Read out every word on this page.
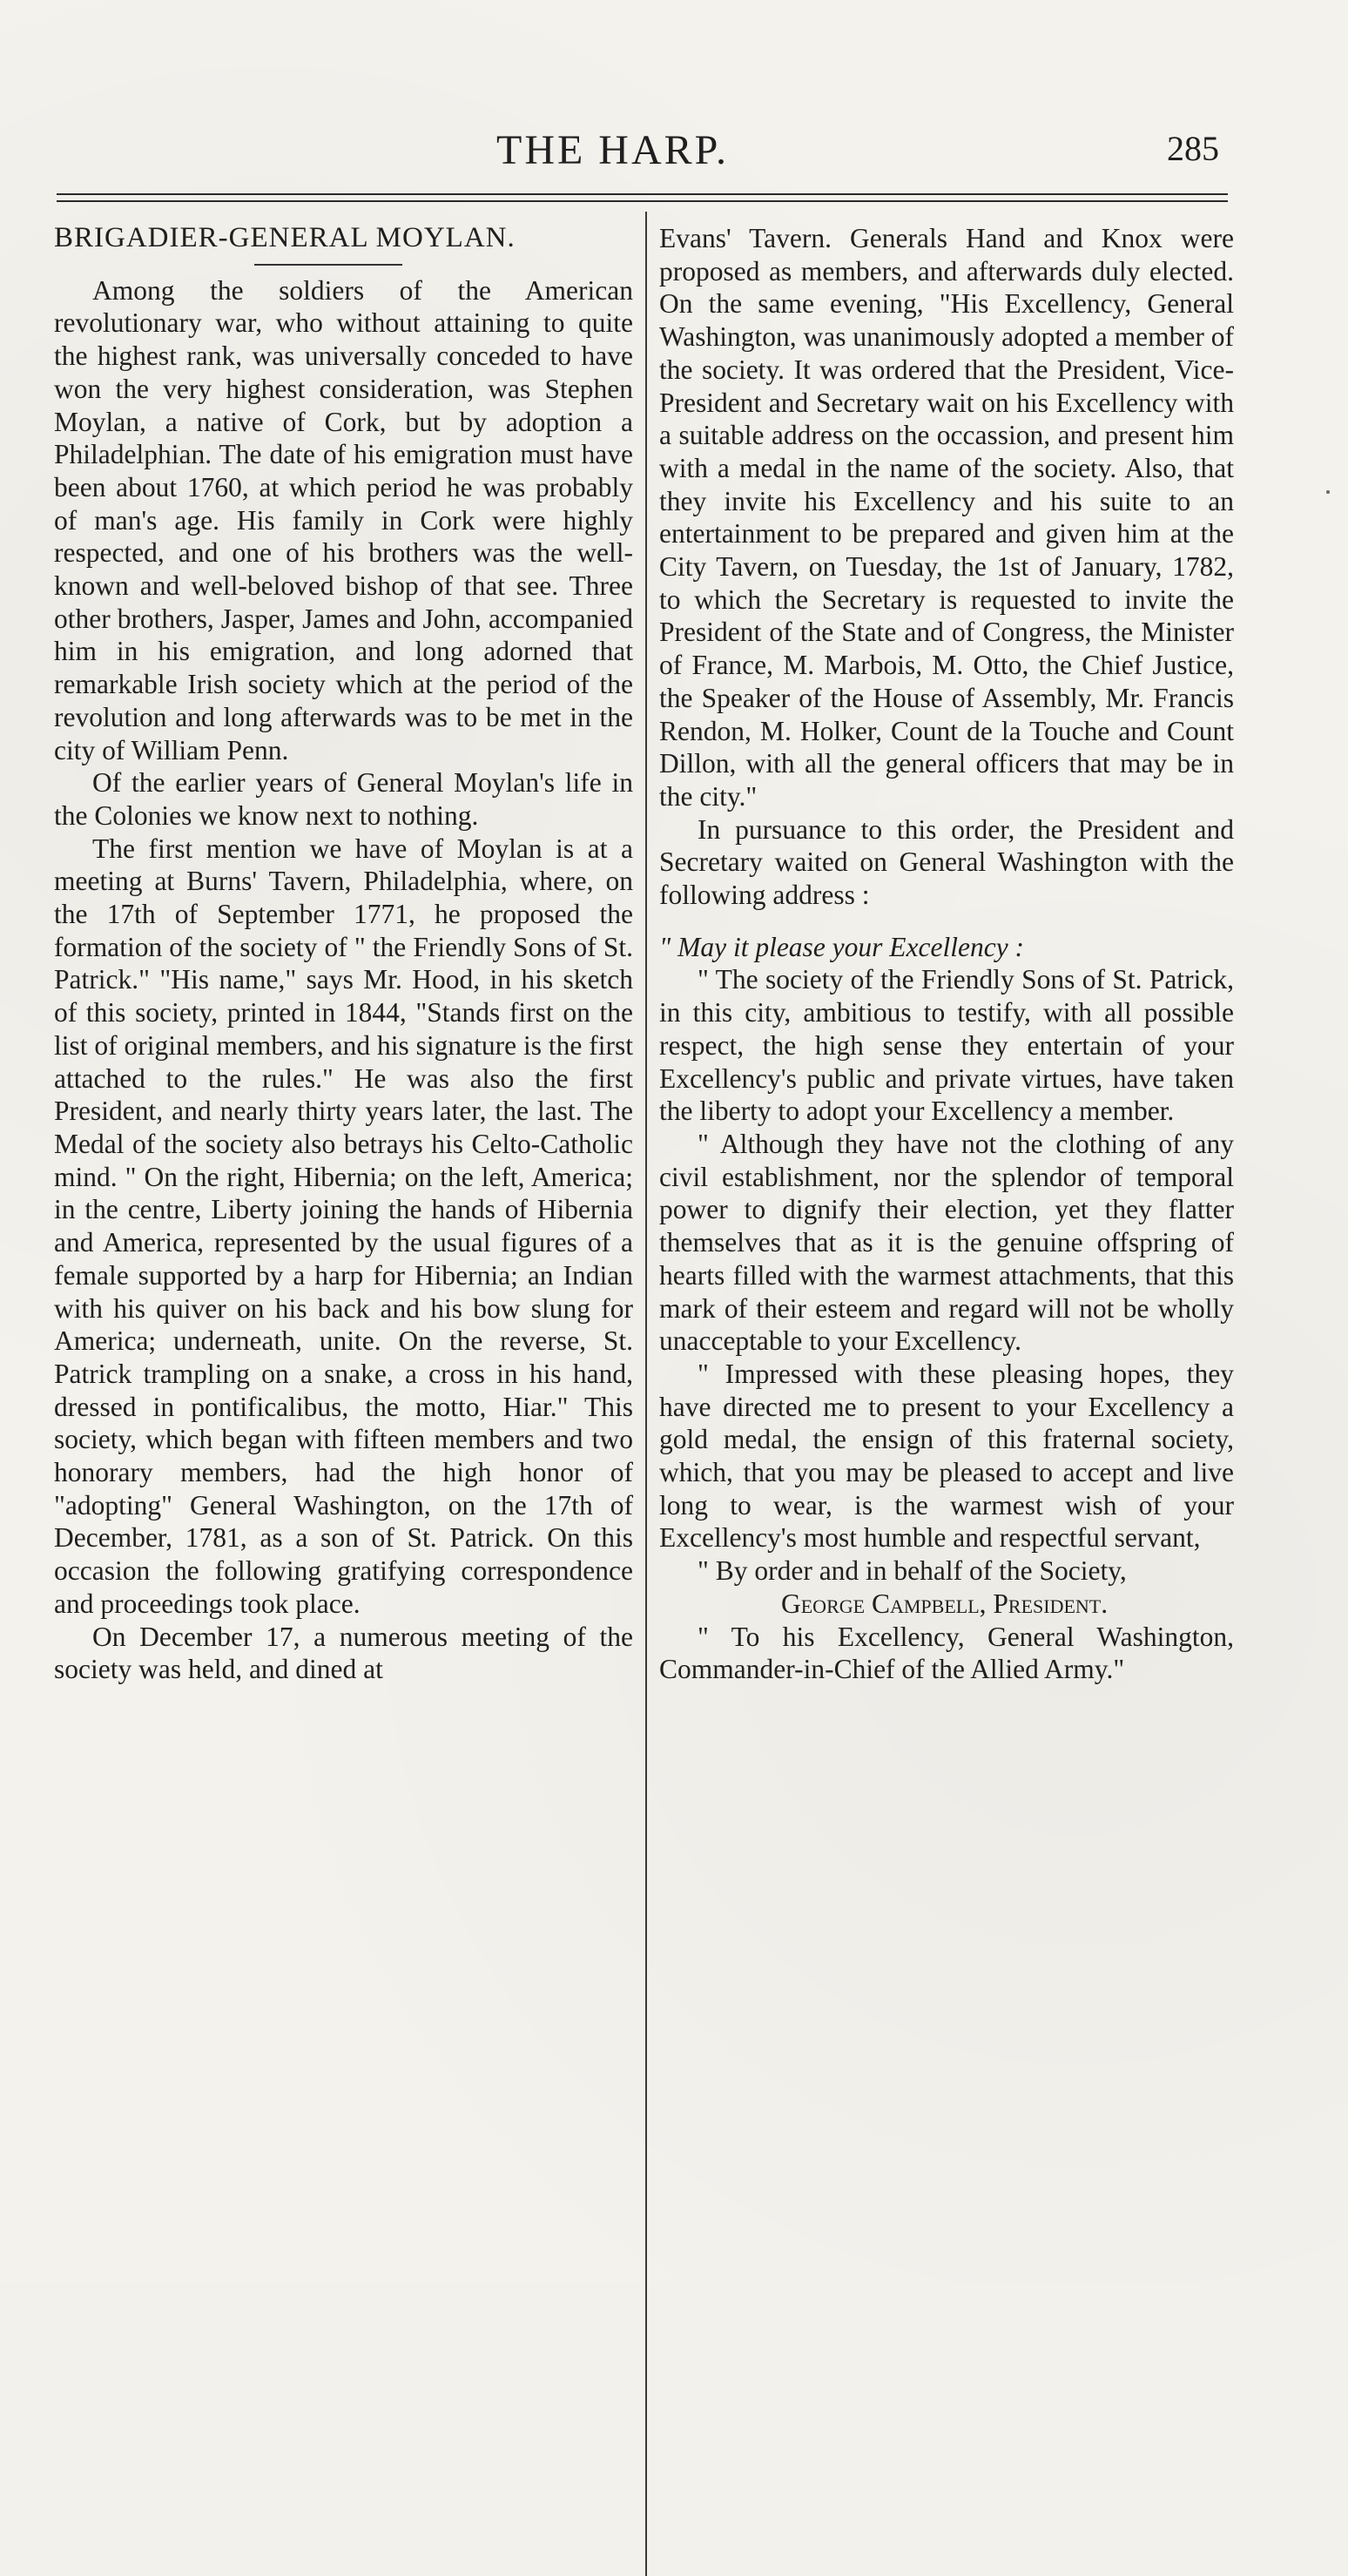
THE HARP.	285

BRIGADIER-GENERAL MOYLAN.

Among the soldiers of the American revolutionary war, who without attaining to quite the highest rank, was universally conceded to have won the very highest consideration, was Stephen Moylan, a native of Cork, but by adoption a Philadelphian. The date of his emigration must have been about 1760, at which period he was probably of man's age. His family in Cork were highly respected, and one of his brothers was the well-known and well-beloved bishop of that see. Three other brothers, Jasper, James and John, accompanied him in his emigration, and long adorned that remarkable Irish society which at the period of the revolution and long afterwards was to be met in the city of William Penn.

Of the earlier years of General Moylan's life in the Colonies we know next to nothing.

The first mention we have of Moylan is at a meeting at Burns' Tavern, Philadelphia, where, on the 17th of September 1771, he proposed the formation of the society of " the Friendly Sons of St. Patrick." "His name," says Mr. Hood, in his sketch of this society, printed in 1844, "Stands first on the list of original members, and his signature is the first attached to the rules." He was also the first President, and nearly thirty years later, the last. The Medal of the society also betrays his Celto-Catholic mind. " On the right, Hibernia; on the left, America; in the centre, Liberty joining the hands of Hibernia and America, represented by the usual figures of a female supported by a harp for Hibernia; an Indian with his quiver on his back and his bow slung for America; underneath, unite. On the reverse, St. Patrick trampling on a snake, a cross in his hand, dressed in pontificalibus, the motto, Hiar." This society, which began with fifteen members and two honorary members, had the high honor of "adopting" General Washington, on the 17th of December, 1781, as a son of St. Patrick. On this occasion the following gratifying correspondence and proceedings took place.

On December 17, a numerous meeting of the society was held, and dined at

Evans' Tavern. Generals Hand and Knox were proposed as members, and afterwards duly elected. On the same evening, "His Excellency, General Washington, was unanimously adopted a member of the society. It was ordered that the President, Vice-President and Secretary wait on his Excellency with a suitable address on the occassion, and present him with a medal in the name of the society. Also, that they invite his Excellency and his suite to an entertainment to be prepared and given him at the City Tavern, on Tuesday, the 1st of January, 1782, to which the Secretary is requested to invite the President of the State and of Congress, the Minister of France, M. Marbois, M. Otto, the Chief Justice, the Speaker of the House of Assembly, Mr. Francis Rendon, M. Holker, Count de la Touche and Count Dillon, with all the general officers that may be in the city."

In pursuance to this order, the President and Secretary waited on General Washington with the following address :

" May it please your Excellency :

" The society of the Friendly Sons of St. Patrick, in this city, ambitious to testify, with all possible respect, the high sense they entertain of your Excellency's public and private virtues, have taken the liberty to adopt your Excellency a member.

" Although they have not the clothing of any civil establishment, nor the splendor of temporal power to dignify their election, yet they flatter themselves that as it is the genuine offspring of hearts filled with the warmest attachments, that this mark of their esteem and regard will not be wholly unacceptable to your Excellency.

" Impressed with these pleasing hopes, they have directed me to present to your Excellency a gold medal, the ensign of this fraternal society, which, that you may be pleased to accept and live long to wear, is the warmest wish of your Excellency's most humble and respectful servant,

" By order and in behalf of the Society,

George Campbell, President.

" To his Excellency, General Washington, Commander-in-Chief of the Allied Army."
